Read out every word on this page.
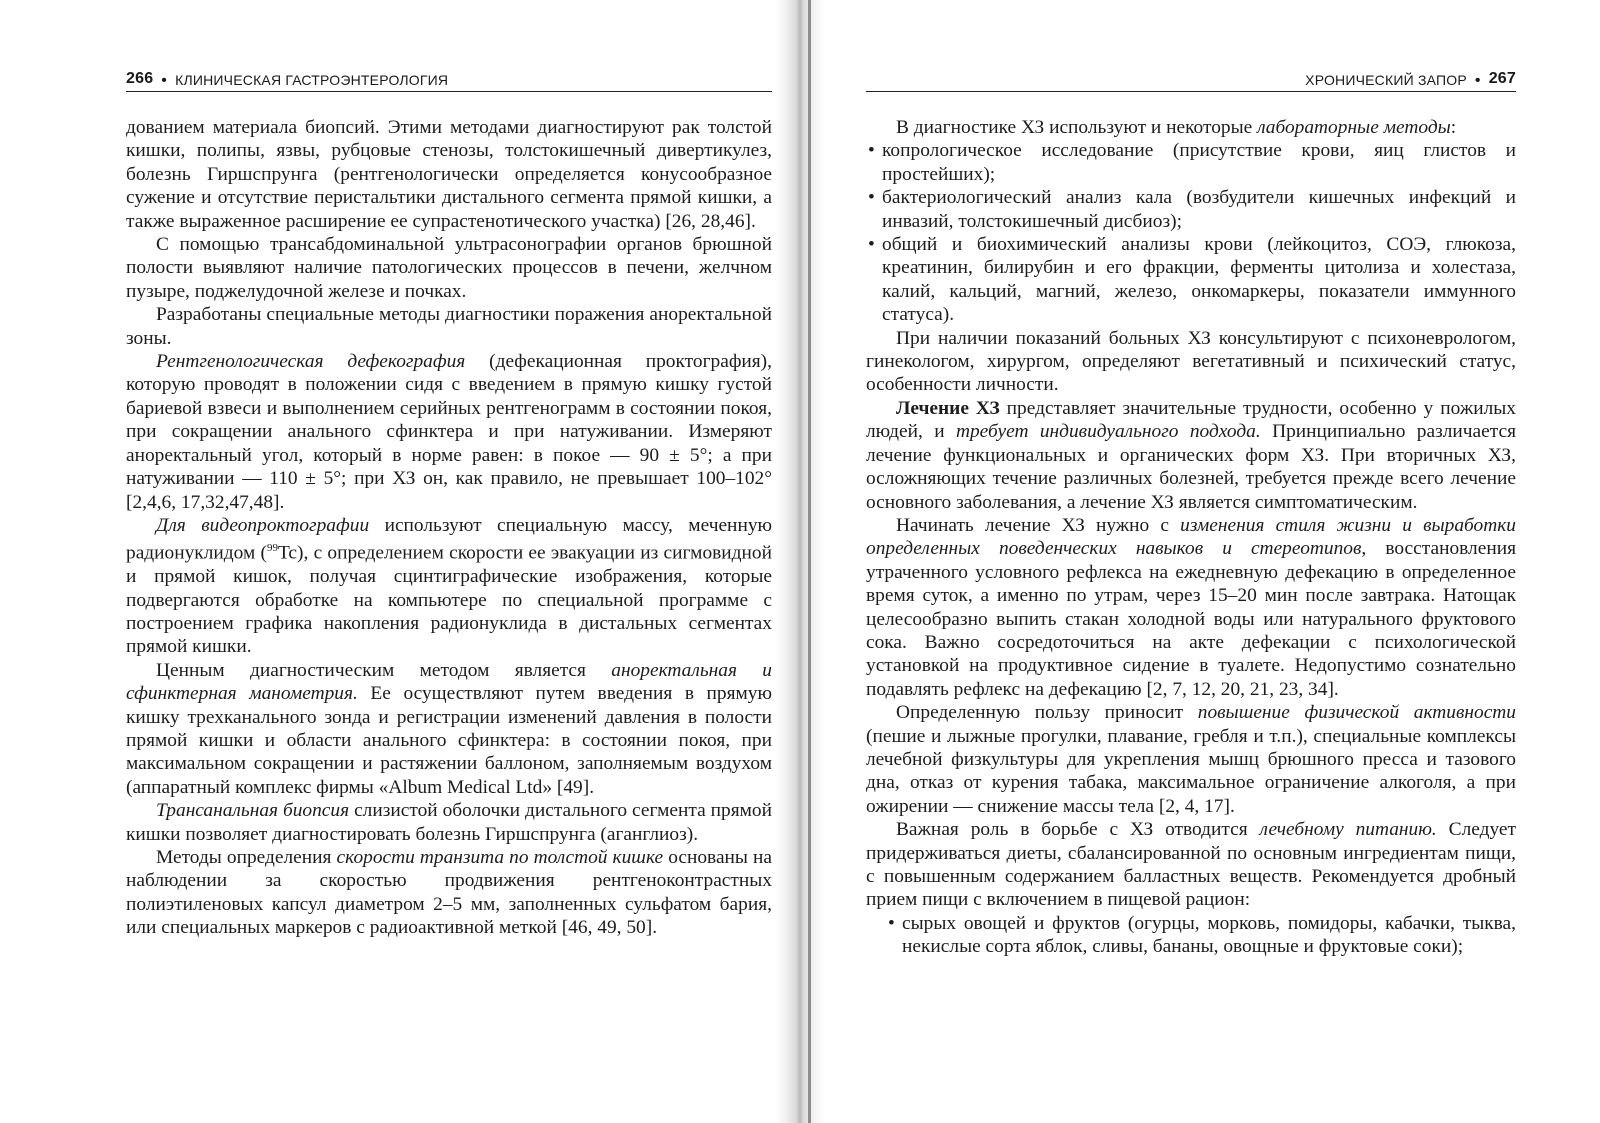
266 • КЛИНИЧЕСКАЯ ГАСТРОЭНТЕРОЛОГИЯ

дованием материала биопсий. Этими методами диагностируют рак толстой кишки, полипы, язвы, рубцовые стенозы, толстокишечный дивертикулез, болезнь Гиршспрунга (рентгенологически определяется конусообразное сужение и отсутствие перистальтики дистального сегмента прямой кишки, а также выраженное расширение ее супрастенотического участка) [26, 28,46].

С помощью трансабдоминальной ультрасонографии органов брюшной полости выявляют наличие патологических процессов в печени, желчном пузыре, поджелудочной железе и почках.

Разработаны специальные методы диагностики поражения аноректальной зоны.

Рентгенологическая дефекография (дефекационная проктография), которую проводят в положении сидя с введением в прямую кишку густой бариевой взвеси и выполнением серийных рентгенограмм в состоянии покоя, при сокращении анального сфинктера и при натуживании. Измеряют аноректальный угол, который в норме равен: в покое — 90 ± 5°; а при натуживании — 110 ± 5°; при ХЗ он, как правило, не превышает 100–102° [2,4,6, 17,32,47,48].

Для видеопроктографии используют специальную массу, меченную радионуклидом ($^{99}$Tc), с определением скорости ее эвакуации из сигмовидной и прямой кишок, получая сцинтиграфические изображения, которые подвергаются обработке на компьютере по специальной программе с построением графика накопления радионуклида в дистальных сегментах прямой кишки.

Ценным диагностическим методом является аноректальная и сфинктерная манометрия. Ее осуществляют путем введения в прямую кишку трехканального зонда и регистрации изменений давления в полости прямой кишки и области анального сфинктера: в состоянии покоя, при максимальном сокращении и растяжении баллоном, заполняемым воздухом (аппаратный комплекс фирмы «Album Medical Ltd» [49].

Трансанальная биопсия слизистой оболочки дистального сегмента прямой кишки позволяет диагностировать болезнь Гиршспрунга (аганглиоз).

Методы определения скорости транзита по толстой кишке основаны на наблюдении за скоростью продвижения рентгеноконтрастных полиэтиленовых капсул диаметром 2–5 мм, заполненных сульфатом бария, или специальных маркеров с радиоактивной меткой [46, 49, 50].

ХРОНИЧЕСКИЙ ЗАПОР • 267

В диагностике ХЗ используют и некоторые лабораторные методы:

• копрологическое исследование (присутствие крови, яиц глистов и простейших);
• бактериологический анализ кала (возбудители кишечных инфекций и инвазий, толстокишечный дисбиоз);
• общий и биохимический анализы крови (лейкоцитоз, СОЭ, глюкоза, креатинин, билирубин и его фракции, ферменты цитолиза и холестаза, калий, кальций, магний, железо, онкомаркеры, показатели иммунного статуса).

При наличии показаний больных ХЗ консультируют с психоневрологом, гинекологом, хирургом, определяют вегетативный и психический статус, особенности личности.

Лечение ХЗ представляет значительные трудности, особенно у пожилых людей, и требует индивидуального подхода. Принципиально различается лечение функциональных и органических форм ХЗ. При вторичных ХЗ, осложняющих течение различных болезней, требуется прежде всего лечение основного заболевания, а лечение ХЗ является симптоматическим.

Начинать лечение ХЗ нужно с изменения стиля жизни и выработки определенных поведенческих навыков и стереотипов, восстановления утраченного условного рефлекса на ежедневную дефекацию в определенное время суток, а именно по утрам, через 15–20 мин после завтрака. Натощак целесообразно выпить стакан холодной воды или натурального фруктового сока. Важно сосредоточиться на акте дефекации с психологической установкой на продуктивное сидение в туалете. Недопустимо сознательно подавлять рефлекс на дефекацию [2, 7, 12, 20, 21, 23, 34].

Определенную пользу приносит повышение физической активности (пешие и лыжные прогулки, плавание, гребля и т.п.), специальные комплексы лечебной физкультуры для укрепления мышц брюшного пресса и тазового дна, отказ от курения табака, максимальное ограничение алкоголя, а при ожирении — снижение массы тела [2, 4, 17].

Важная роль в борьбе с ХЗ отводится лечебному питанию. Следует придерживаться диеты, сбалансированной по основным ингредиентам пищи, с повышенным содержанием балластных веществ. Рекомендуется дробный прием пищи с включением в пищевой рацион:

• сырых овощей и фруктов (огурцы, морковь, помидоры, кабачки, тыква, некислые сорта яблок, сливы, бананы, овощные и фруктовые соки);
